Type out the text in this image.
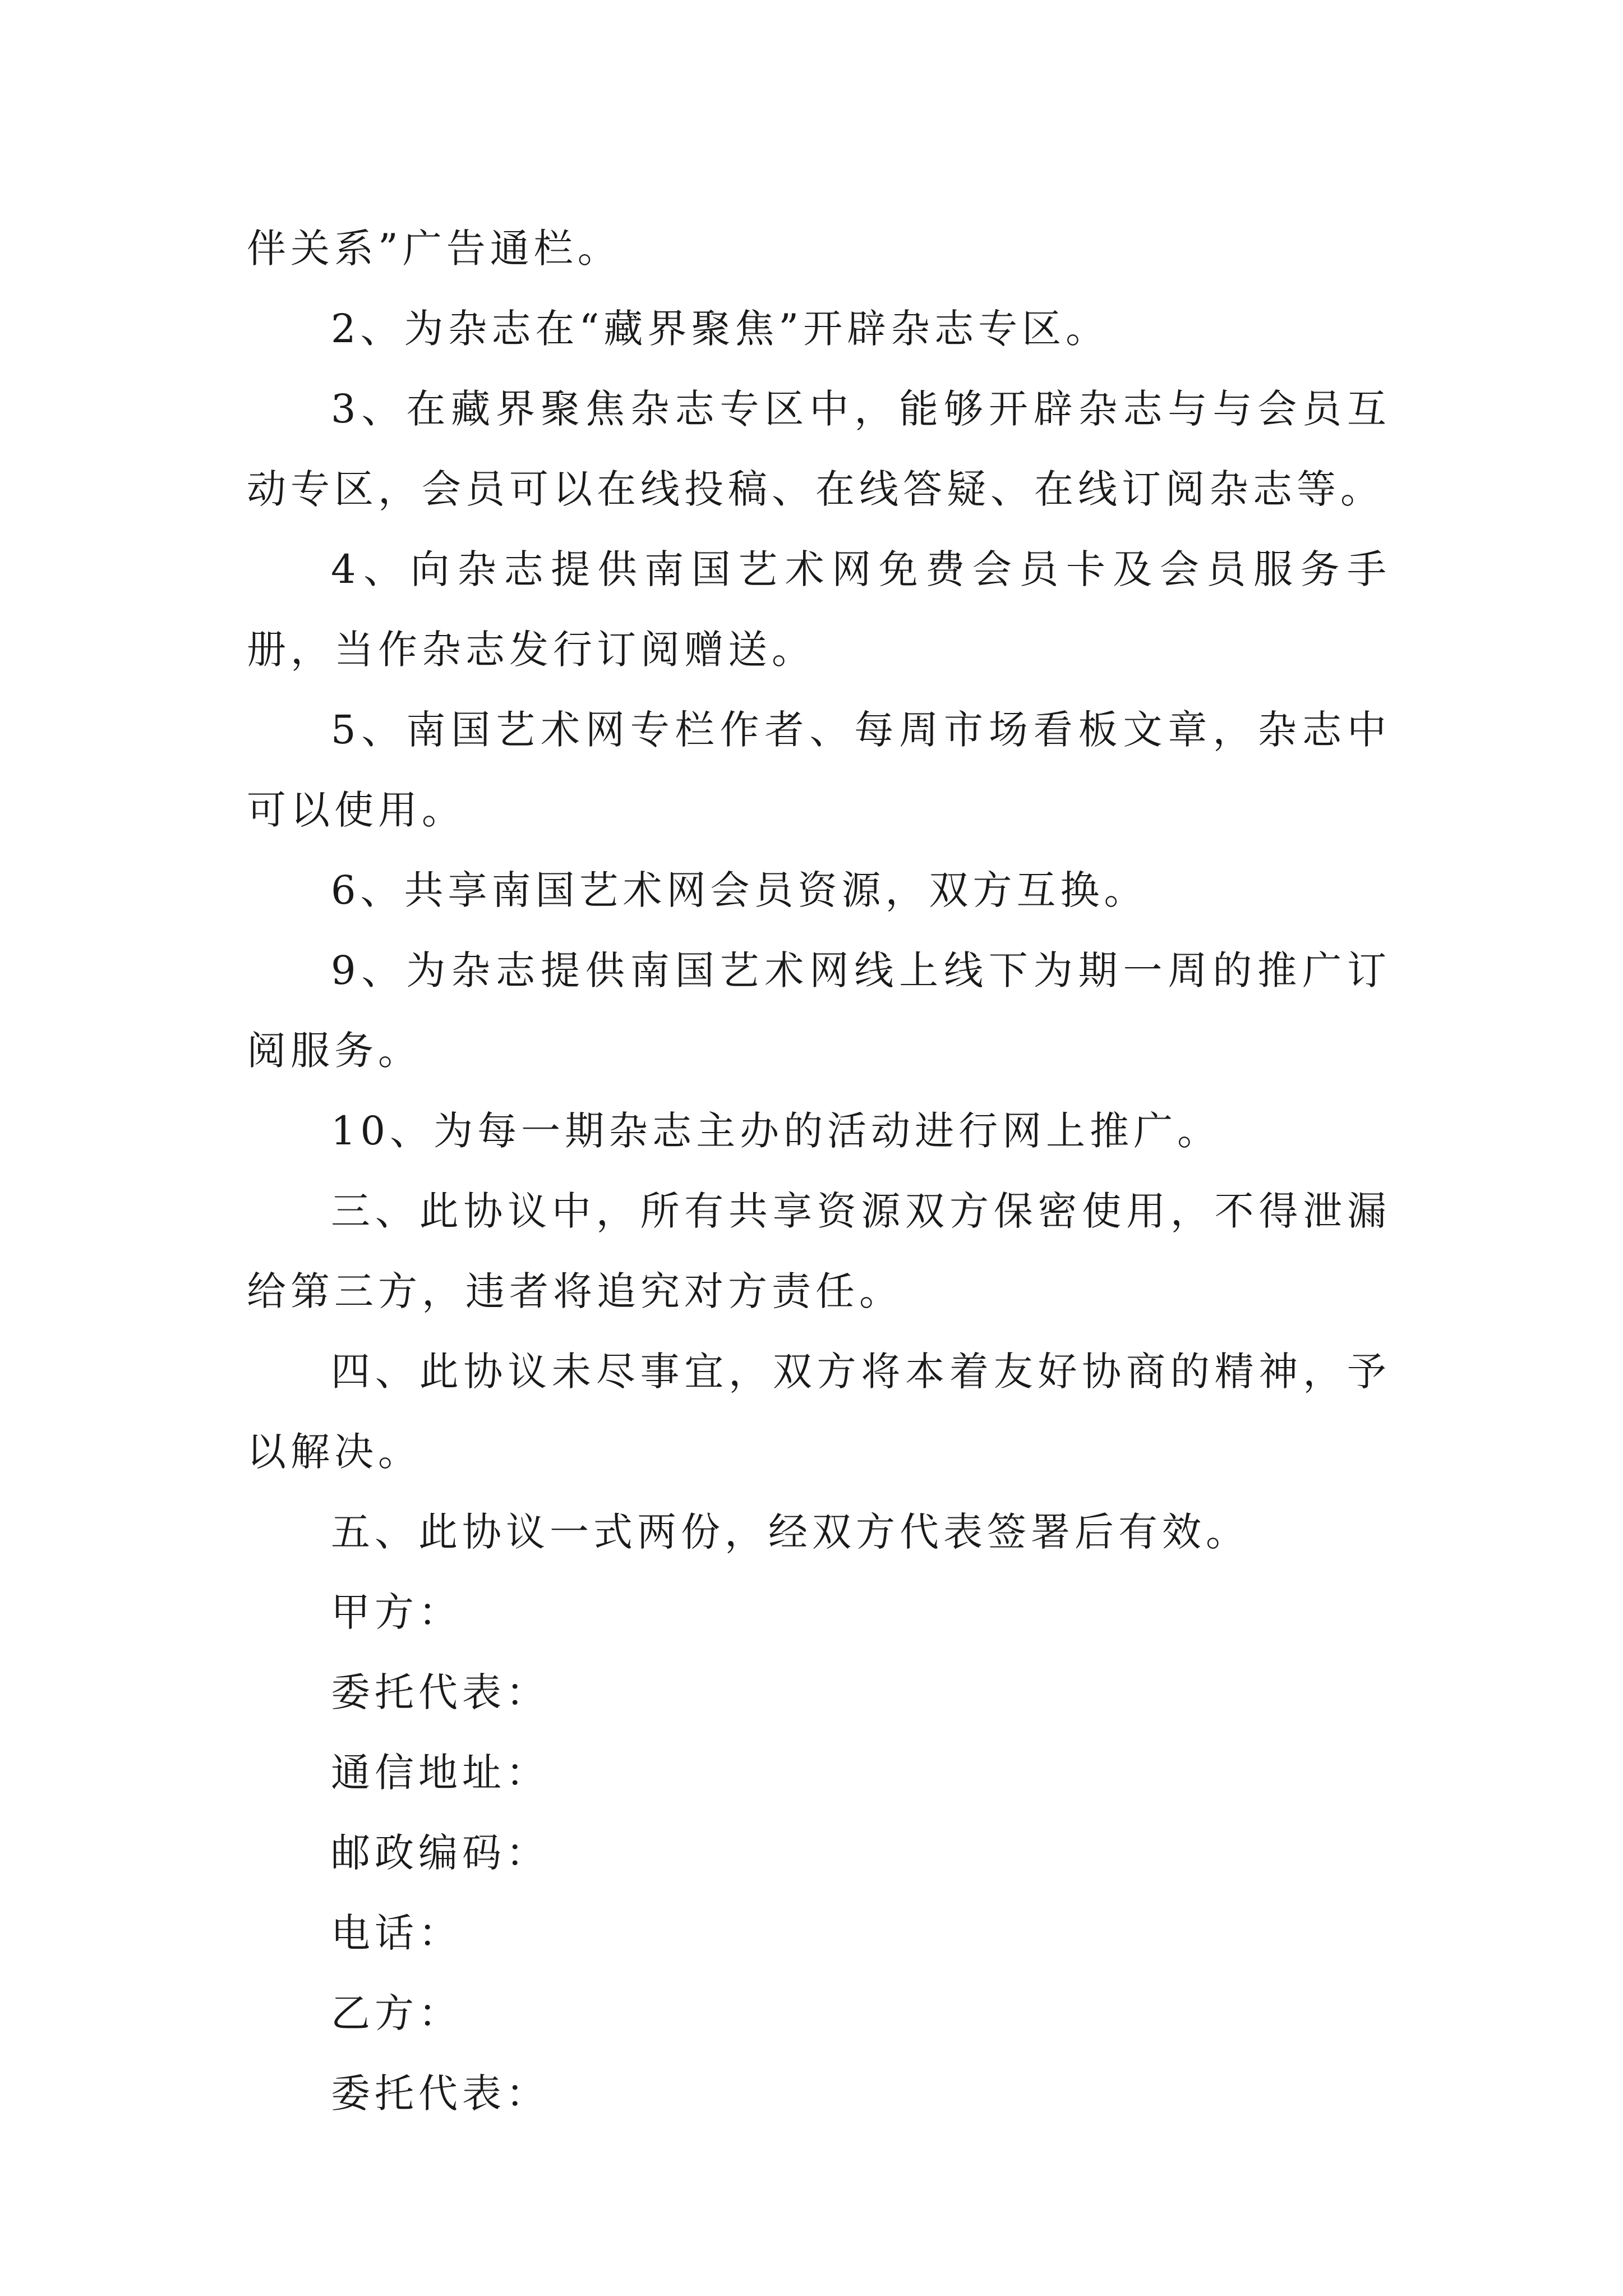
伴关系”广告通栏。

2、为杂志在“藏界聚焦”开辟杂志专区。

3、在藏界聚焦杂志专区中，能够开辟杂志与与会员互动专区，会员可以在线投稿、在线答疑、在线订阅杂志等。

4、向杂志提供南国艺术网免费会员卡及会员服务手册，当作杂志发行订阅赠送。

5、南国艺术网专栏作者、每周市场看板文章，杂志中可以使用。

6、共享南国艺术网会员资源，双方互换。

9、为杂志提供南国艺术网线上线下为期一周的推广订阅服务。

10、为每一期杂志主办的活动进行网上推广。

三、此协议中，所有共享资源双方保密使用，不得泄漏给第三方，违者将追究对方责任。

四、此协议未尽事宜，双方将本着友好协商的精神，予以解决。

五、此协议一式两份，经双方代表签署后有效。

甲方：

委托代表：

通信地址：

邮政编码：

电话：

乙方：

委托代表：
